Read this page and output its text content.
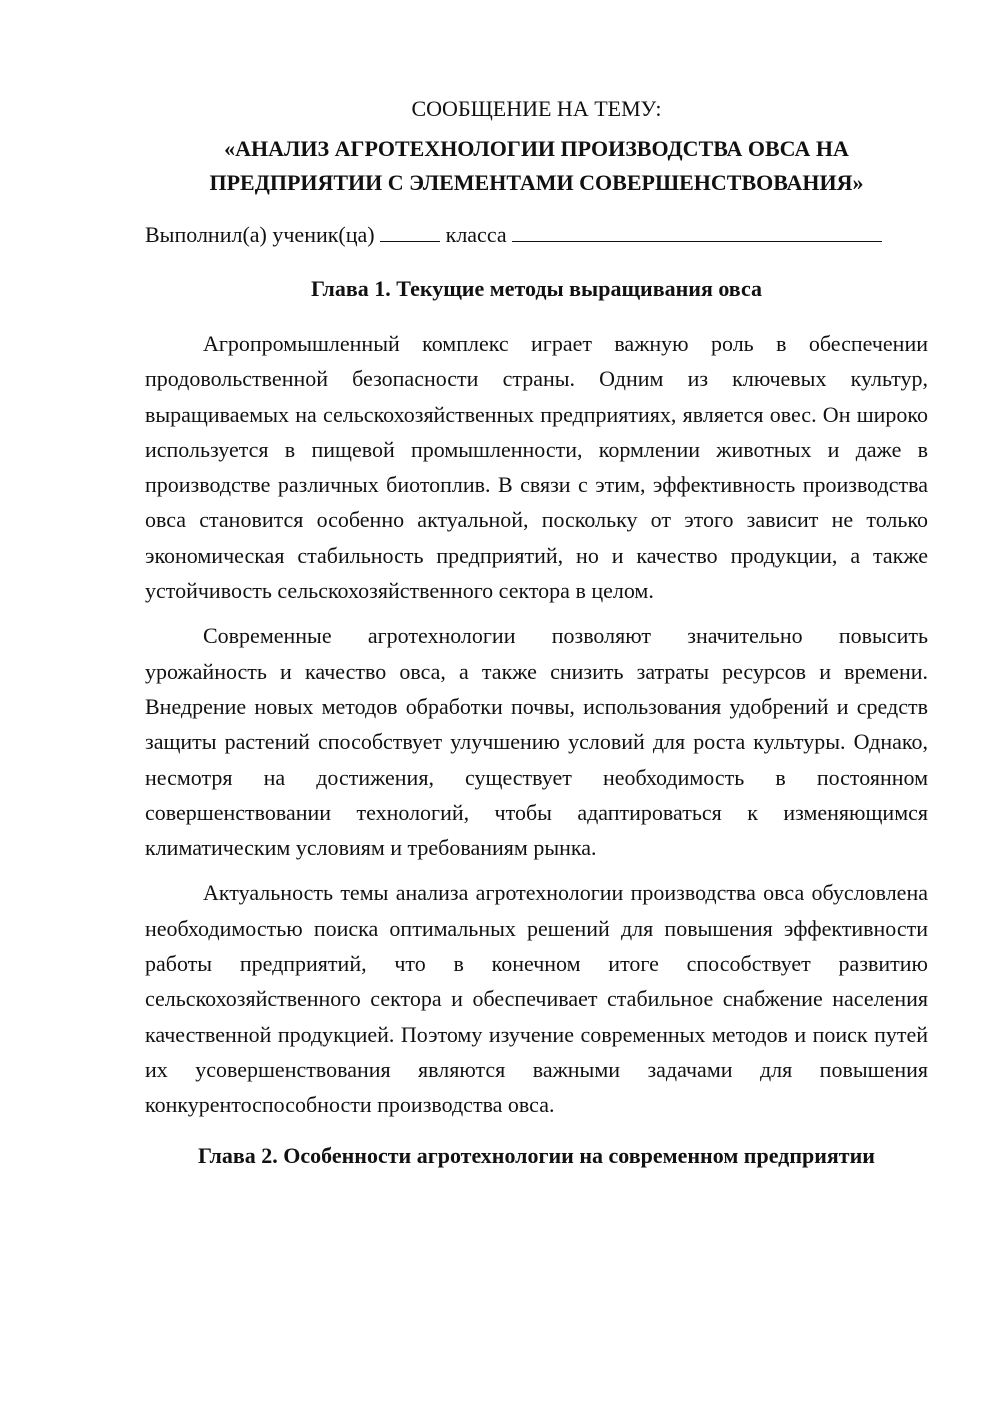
СООБЩЕНИЕ НА ТЕМУ:

«АНАЛИЗ АГРОТЕХНОЛОГИИ ПРОИЗВОДСТВА ОВСА НА
ПРЕДПРИЯТИИ С ЭЛЕМЕНТАМИ СОВЕРШЕНСТВОВАНИЯ»

Выполнил(а) ученик(ца)	класса

Глава 1. Текущие методы выращивания овса

Агропромышленный комплекс играет важную роль в обеспечении продовольственной безопасности страны. Одним из ключевых культур, выращиваемых на сельскохозяйственных предприятиях, является овес. Он широко используется в пищевой промышленности, кормлении животных и даже в производстве различных биотоплив. В связи с этим, эффективность производства овса становится особенно актуальной, поскольку от этого зависит не только экономическая стабильность предприятий, но и качество продукции, а также устойчивость сельскохозяйственного сектора в целом.

Современные агротехнологии позволяют значительно повысить урожайность и качество овса, а также снизить затраты ресурсов и времени. Внедрение новых методов обработки почвы, использования удобрений и средств защиты растений способствует улучшению условий для роста культуры. Однако, несмотря на достижения, существует необходимость в постоянном совершенствовании технологий, чтобы адаптироваться к изменяющимся климатическим условиям и требованиям рынка.

Актуальность темы анализа агротехнологии производства овса обусловлена необходимостью поиска оптимальных решений для повышения эффективности работы предприятий, что в конечном итоге способствует развитию сельскохозяйственного сектора и обеспечивает стабильное снабжение населения качественной продукцией. Поэтому изучение современных методов и поиск путей их усовершенствования являются важными задачами для повышения конкурентоспособности производства овса.

Глава 2. Особенности агротехнологии на современном предприятии
